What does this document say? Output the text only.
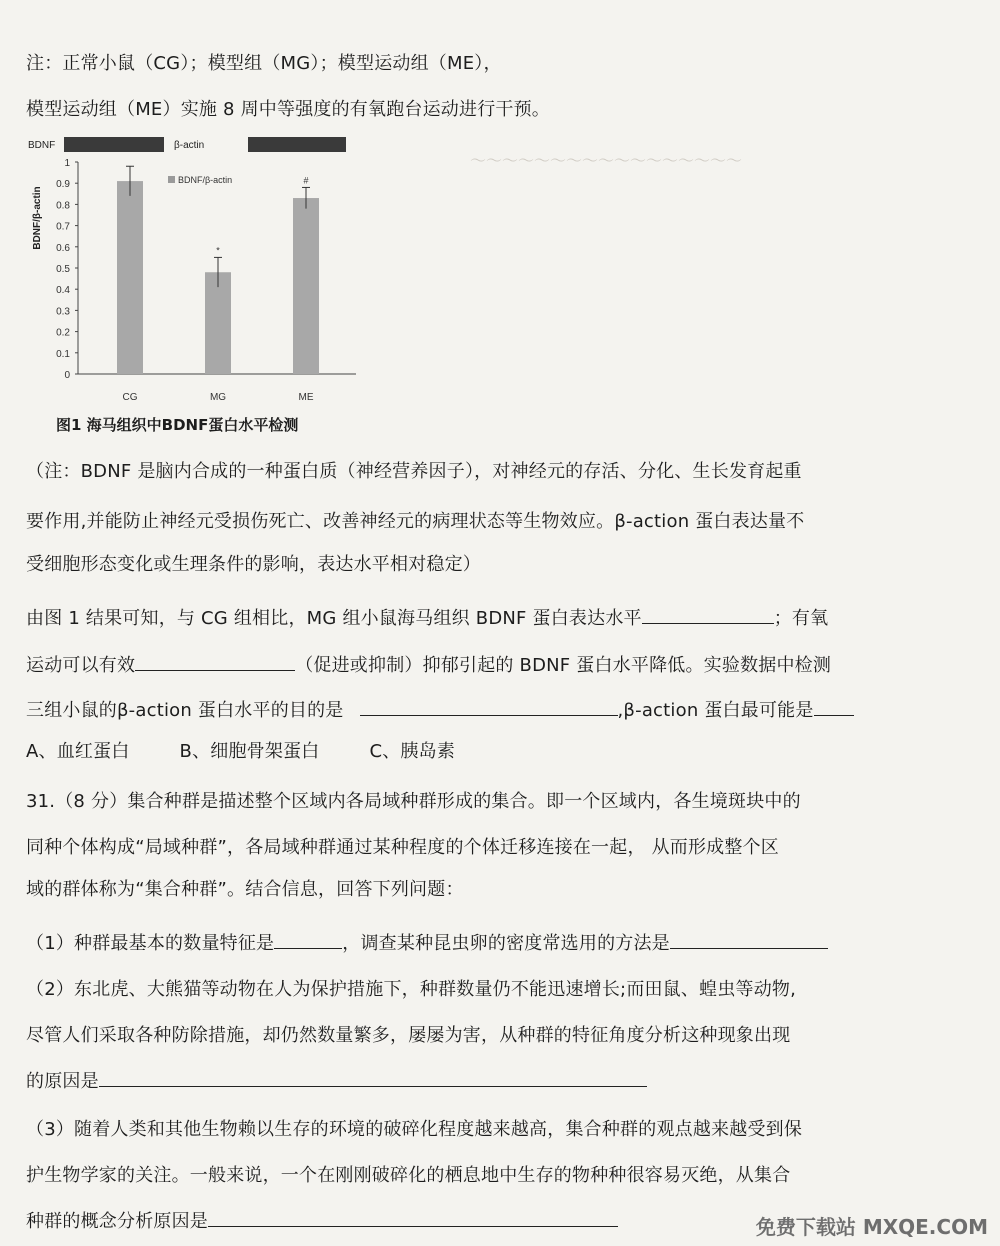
～～～～～～～～～～～～～～～～～
注：正常小鼠（CG）；模型组（MG）；模型运动组（ME），
模型运动组（ME）实施 8 周中等强度的有氧跑台运动进行干预。
BDNF	β-actin
0
0.1
0.2
0.3
0.4
0.5
0.6
0.7
0.8
0.9
1
BDNF/β-actin
BDNF/β-actin
CG
*
MG
#
ME
图1 海马组织中BDNF蛋白水平检测
（注：BDNF 是脑内合成的一种蛋白质（神经营养因子），对神经元的存活、分化、生长发育起重
要作用,并能防止神经元受损伤死亡、改善神经元的病理状态等生物效应。β-action 蛋白表达量不
受细胞形态变化或生理条件的影响，表达水平相对稳定）
由图 1 结果可知，与 CG 组相比，MG 组小鼠海马组织 BDNF 蛋白表达水平	；有氧
运动可以有效	（促进或抑制）抑郁引起的 BDNF 蛋白水平降低。实验数据中检测
三组小鼠的β-action 蛋白水平的目的是	,β-action 蛋白最可能是
A、血红蛋白	B、细胞骨架蛋白	C、胰岛素
31.（8 分）集合种群是描述整个区域内各局域种群形成的集合。即一个区域内，各生境斑块中的
同种个体构成“局域种群”，各局域种群通过某种程度的个体迁移连接在一起， 从而形成整个区
域的群体称为“集合种群”。结合信息，回答下列问题：
（1）种群最基本的数量特征是	，调查某种昆虫卵的密度常选用的方法是
（2）东北虎、大熊猫等动物在人为保护措施下，种群数量仍不能迅速增长;而田鼠、蝗虫等动物,
尽管人们采取各种防除措施，却仍然数量繁多，屡屡为害，从种群的特征角度分析这种现象出现
的原因是
（3）随着人类和其他生物赖以生存的环境的破碎化程度越来越高，集合种群的观点越来越受到保
护生物学家的关注。一般来说，一个在刚刚破碎化的栖息地中生存的物种种很容易灭绝，从集合
种群的概念分析原因是	免费下载站 MXQE.COM
